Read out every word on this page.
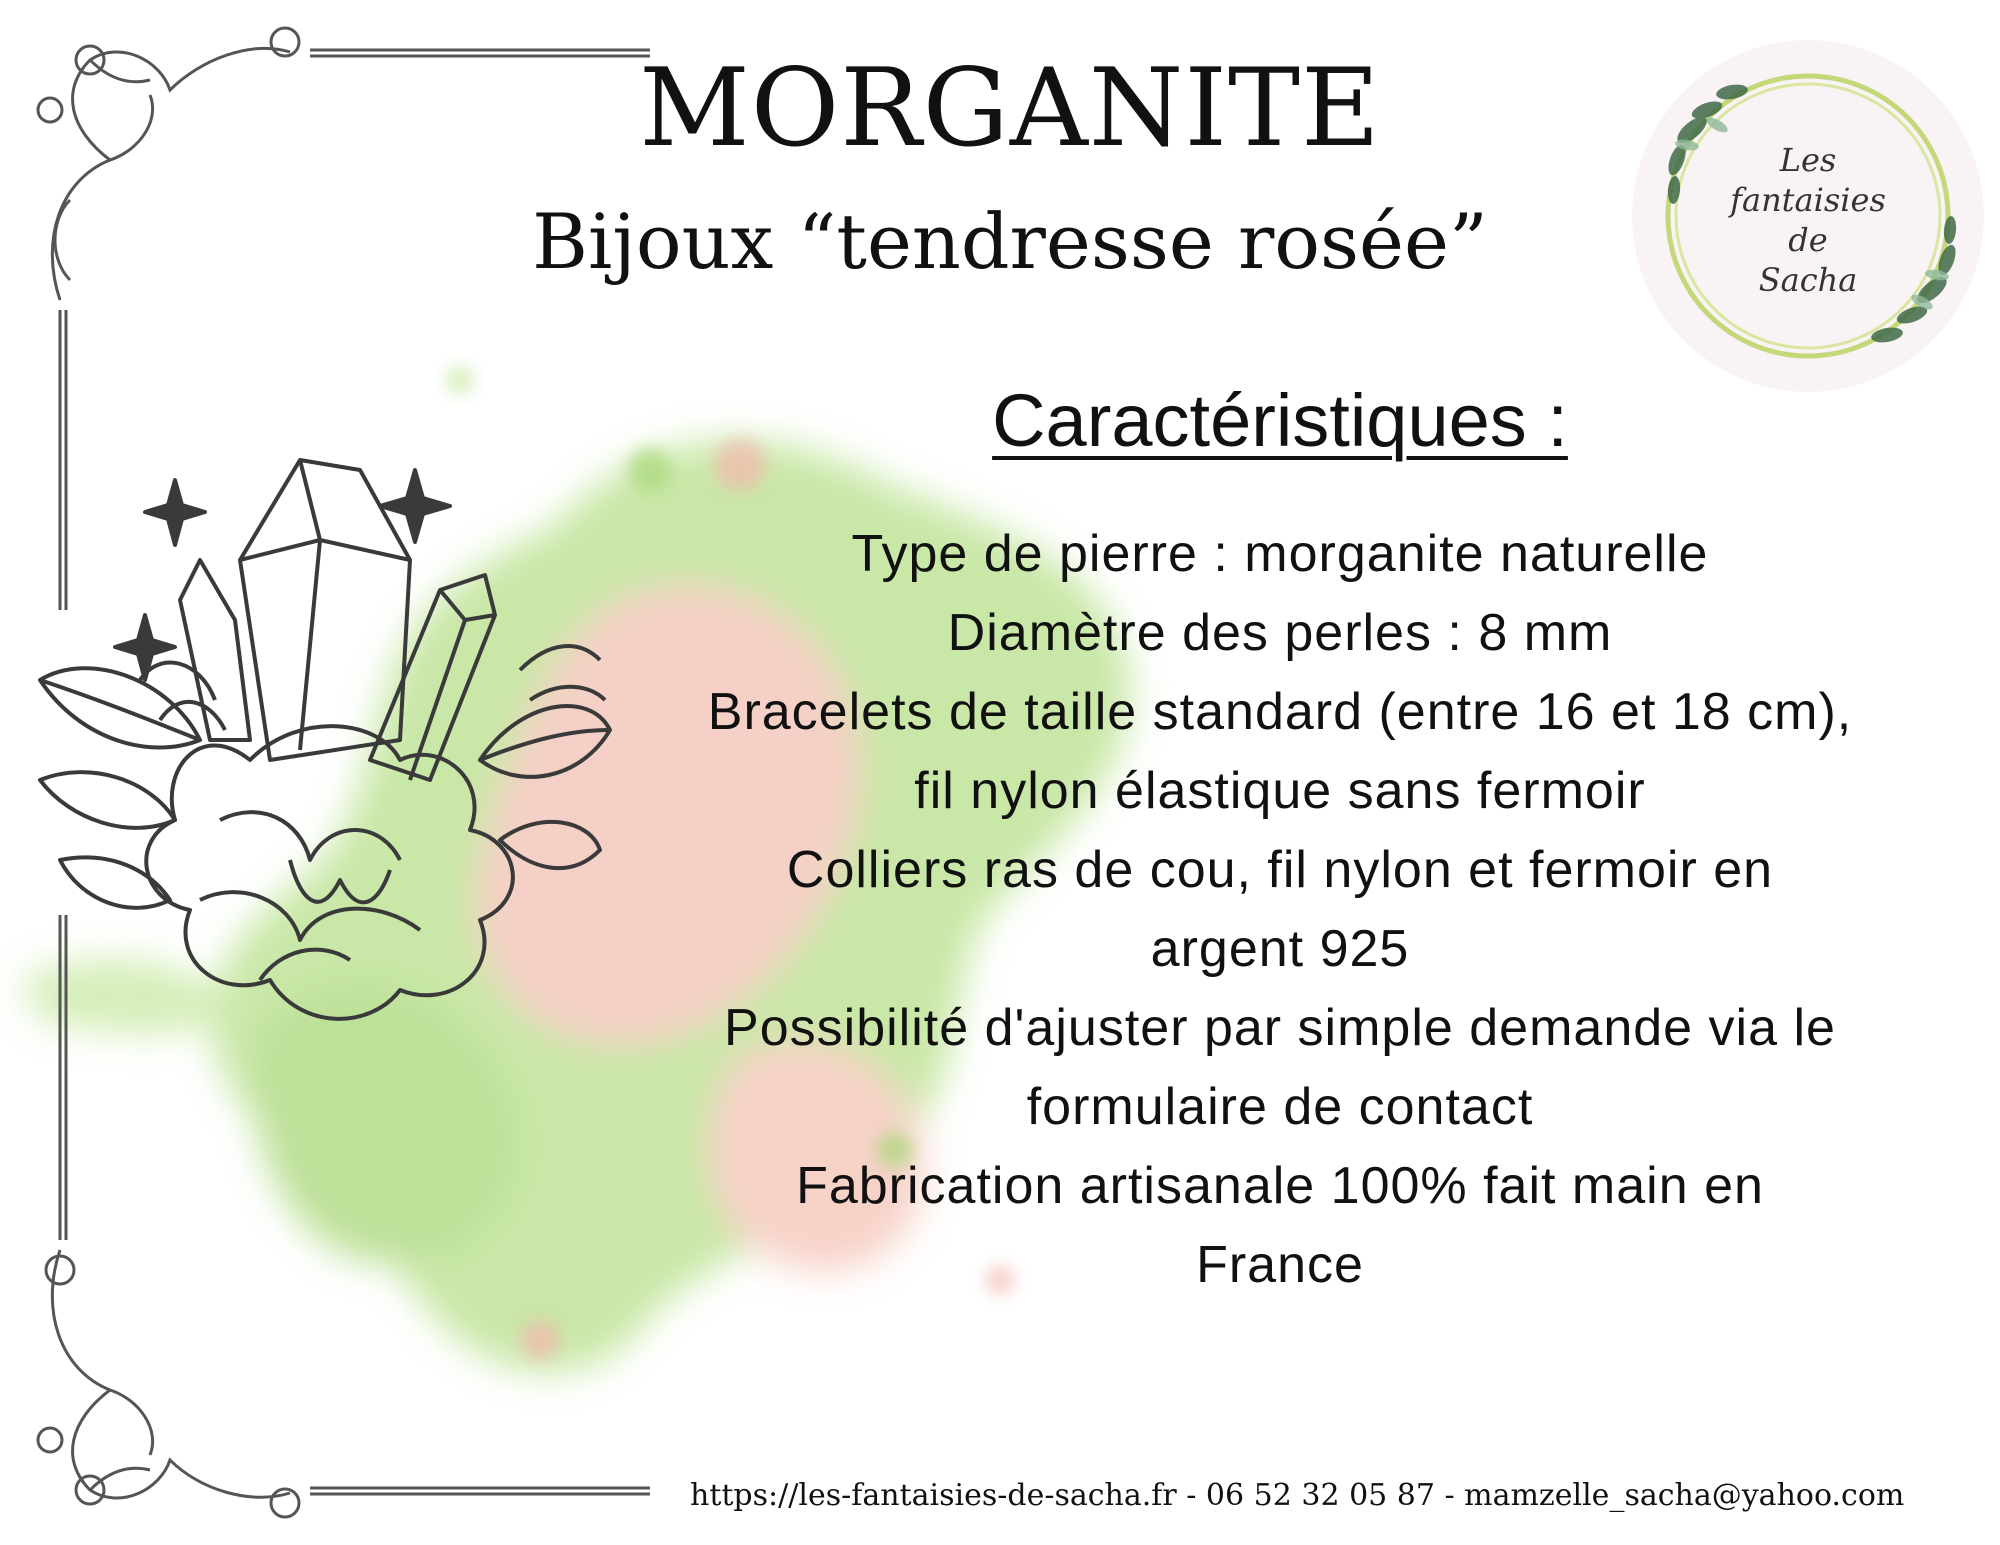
MORGANITE
Bijoux “tendresse rosée”
Les
fantaisies
de
Sacha
Caractéristiques :
Type de pierre : morganite naturelle
Diamètre des perles : 8 mm
Bracelets de taille standard (entre 16 et 18 cm),
fil nylon élastique sans fermoir
Colliers ras de cou, fil nylon et fermoir en
argent 925
Possibilité d'ajuster par simple demande via le
formulaire de contact
Fabrication artisanale 100% fait main en
France
https://les-fantaisies-de-sacha.fr - 06 52 32 05 87 - mamzelle_sacha@yahoo.com
